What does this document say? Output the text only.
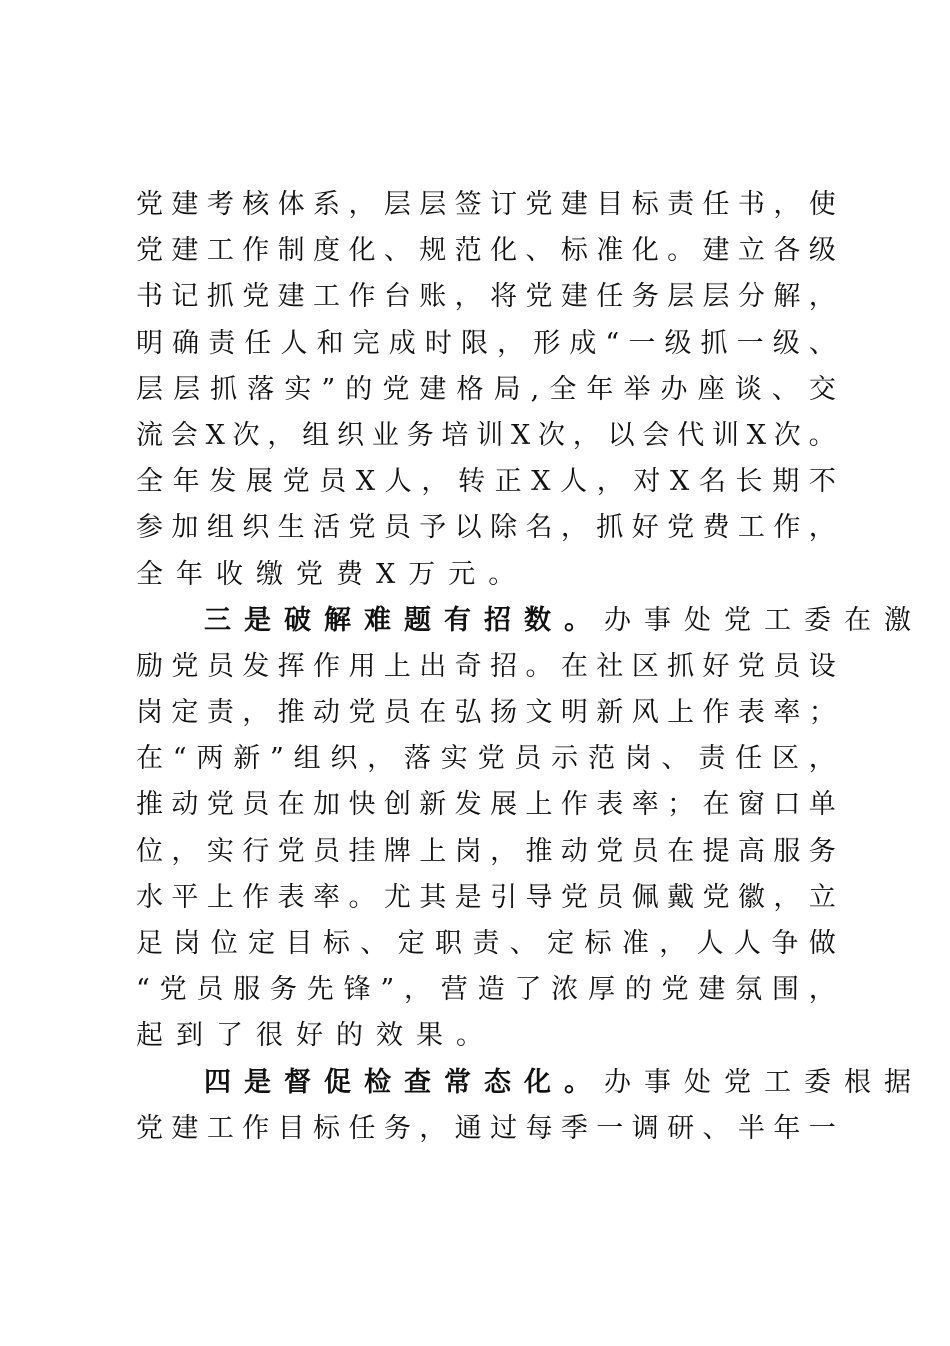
党 建 考 核 体 系 ， 层 层 签 订 党 建 目 标 责 任 书 ， 使
党 建 工 作 制 度 化 、 规 范 化 、 标 准 化 。 建 立 各 级
书 记 抓 党 建 工 作 台 账 ， 将 党 建 任 务 层 层 分 解 ，
明 确 责 任 人 和 完 成 时 限 ， 形 成 “ 一 级 抓 一 级 、
层 层 抓 落 实 ” 的 党 建 格 局 , 全 年 举 办 座 谈 、 交
流 会 X 次 ， 组 织 业 务 培 训 X 次 ， 以 会 代 训 X 次 。
全 年 发 展 党 员 X 人 ， 转 正 X 人 ， 对 X 名 长 期 不
参 加 组 织 生 活 党 员 予 以 除 名 ， 抓 好 党 费 工 作 ，
全年收缴党费X万元。
三是破解难题有招数。办事处党工委在激
励 党 员 发 挥 作 用 上 出 奇 招 。 在 社 区 抓 好 党 员 设
岗 定 责 ， 推 动 党 员 在 弘 扬 文 明 新 风 上 作 表 率 ；
在 “ 两 新 ” 组 织 ， 落 实 党 员 示 范 岗 、 责 任 区 ，
推 动 党 员 在 加 快 创 新 发 展 上 作 表 率 ； 在 窗 口 单
位 ， 实 行 党 员 挂 牌 上 岗 ， 推 动 党 员 在 提 高 服 务
水 平 上 作 表 率 。 尤 其 是 引 导 党 员 佩 戴 党 徽 ， 立
足 岗 位 定 目 标 、 定 职 责 、 定 标 准 ， 人 人 争 做
“ 党 员 服 务 先 锋 ” ， 营 造 了 浓 厚 的 党 建 氛 围 ，
起到了很好的效果。
四是督促检查常态化。办事处党工委根据
党 建 工 作 目 标 任 务 ， 通 过 每 季 一 调 研 、 半 年 一
